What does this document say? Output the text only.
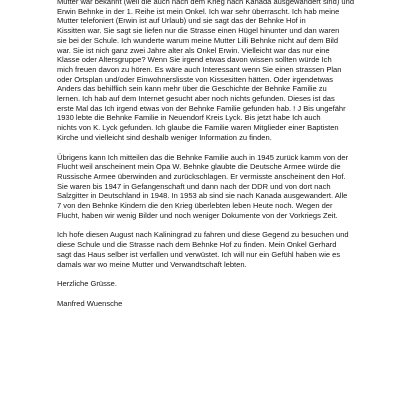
Mutter war bekannt (weil die auch nach dem Krieg nach Kanada ausgewandert sind) und
Erwin Behnke in der 1. Reihe ist mein Onkel. Ich war sehr überrascht. Ich hab meine
Mutter telefoniert (Erwin ist auf Urlaub) und sie sagt das der Behnke Hof in
Kissitten war. Sie sagt sie liefen nur die Strasse einen Hügel hinunter und dan waren
sie bei der Schule. Ich wunderte warum meine Mutter Lilli Behnke nicht auf dem Bild
war. Sie ist nich ganz zwei Jahre alter als Onkel Erwin. Vielleicht war das nur eine
Klasse oder Altersgruppe? Wenn Sie irgend etwas davon wissen sollten würde Ich
mich freuen davon zu hören. Es wäre auch Interessant wenn Sie einen strassen Plan
oder Ortsplan und/oder Einwohnerslisste von Kissesitten hätten. Oder irgendetwas
Anders das behilflich sein kann mehr über die Geschichte der Behnke Familie zu
lernen. Ich hab auf dem Internet gesucht aber noch nichts gefunden. Dieses ist das
erste Mal das Ich irgend etwas von der Behnke Familie gefunden hab. ! J Bis ungefähr
1930 lebte die Behnke Familie in Neuendorf Kreis Lyck. Bis jetzt habe Ich auch
nichts von K. Lyck gefunden. Ich glaube die Familie waren Mitglieder einer Baptisten
Kirche und vielleicht sind deshalb weniger Information zu finden.

Übrigens kann Ich mitteilen das die Behnke Familie auch in 1945 zurück kamm von der
Flucht weil anscheinent mein Opa W. Behnke glaubte die Deutsche Armee würde die
Russische Armee überwinden and zurückschlagen. Er vermisste anscheinent den Hof.
Sie waren bis 1947 in Gefangenschaft und dann nach der DDR und von dort nach
Salzgitter in Deutschland in 1948. In 1953 ab sind sie nach Kanada ausgewandert. Alle
7 von den Behnke Kindern die den Krieg überlebten leben Heute noch. Wegen der
Flucht, haben wir wenig Bilder und noch weniger Dokumente von der Vorkriegs Zeit.

Ich hofe diesen August nach Kaliningrad zu fahren und diese Gegend zu besuchen und
diese Schule und die Strasse nach dem Behnke Hof zu finden. Mein Onkel Gerhard
sagt das Haus selber ist verfallen und verwüstet. Ich will nur ein Gefühl haben wie es
damals war wo meine Mutter und Verwandtschaft lebten.

Herzliche Grüsse.

Manfred Wuensche
